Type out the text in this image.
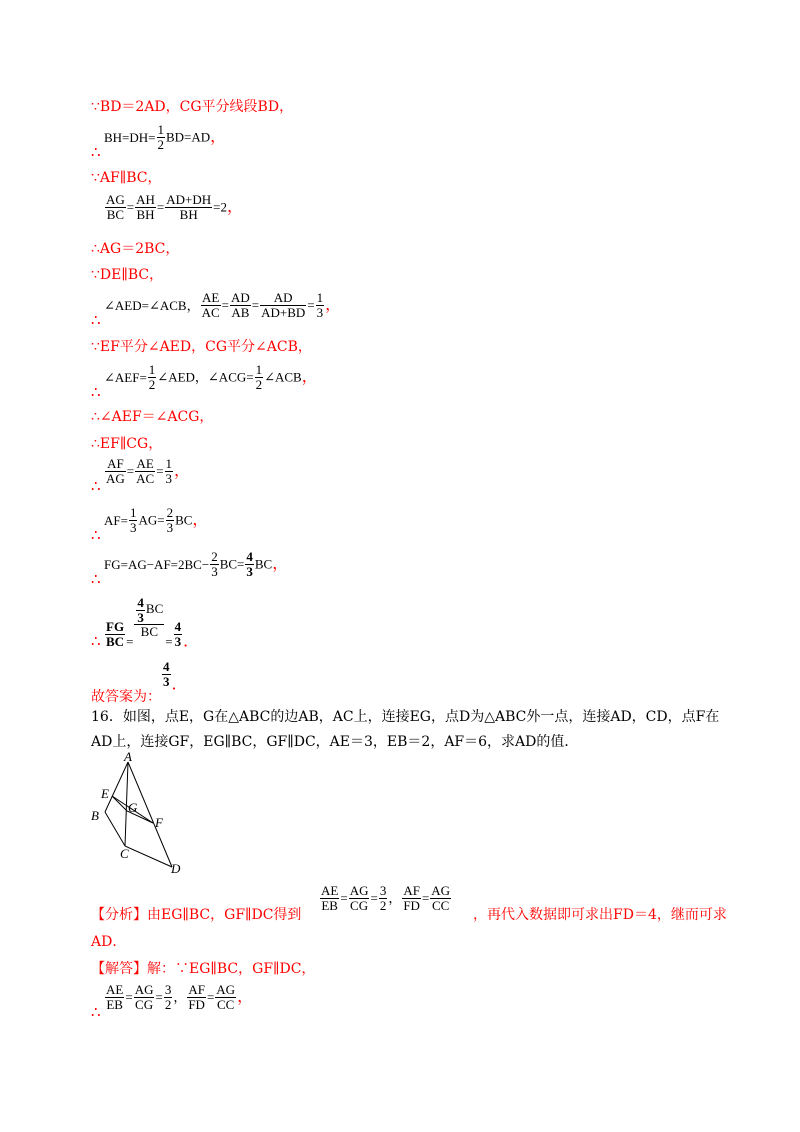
∵BD＝2AD，CG平分线段BD，
∴
$BH=DH= \frac{1}{2} BD=AD$，
∵AF∥BC，
$\frac{AG}{BC} = \frac{AH}{BH} = \frac{AD+DH}{BH} =2$，
∴AG＝2BC，
∵DE∥BC，
∴
∠AED=∠ACB， $\frac{AE}{AC} = \frac{AD}{AB} = \frac{AD}{AD+BD} = \frac{1}{3}$ ，
∵EF平分∠AED，CG平分∠ACB，
∴
∠AEF= $\frac{1}{2}$ ∠AED，∠ACG= $\frac{1}{2}$ ∠ACB，
∴∠AEF＝∠ACG，
∴EF∥CG，
∴
$\frac{AF}{AG} = \frac{AE}{AC} = \frac{1}{3}$ ，
∴
$AF= \frac{1}{3} AG= \frac{2}{3}$ BC，
∴
$FG=AG-AF=2BC- \frac{2}{3} BC= \frac{4}{3}$ BC，
∴ $\frac{FG}{BC} _=$
$\frac{\frac{4}{3} BC}{BC}$
$_= \frac{4}{3}$ ．
故答案为：
$\frac{4}{3}$ ．
16．如图，点E，G在△ABC的边AB，AC上，连接EG，点D为△ABC外一点，连接AD，CD，点F在
AD上，连接GF，EG∥BC，GF∥DC，AE＝3，EB＝2，AF＝6，求AD的值．
A
E
G
B	F
C
D
$\frac{AE}{EB} = \frac{AG}{CG} = \frac{3}{2}$ ， $\frac{AF}{FD} = \frac{AG}{CC}$
【分析】由EG∥BC，GF∥DC得到	，再代入数据即可求出FD＝4，继而可求
AD．
【解答】解：∵EG∥BC，GF∥DC，
∴
$\frac{AE}{EB} = \frac{AG}{CG} = \frac{3}{2}$ ， $\frac{AF}{FD} = \frac{AG}{CC}$ ，
